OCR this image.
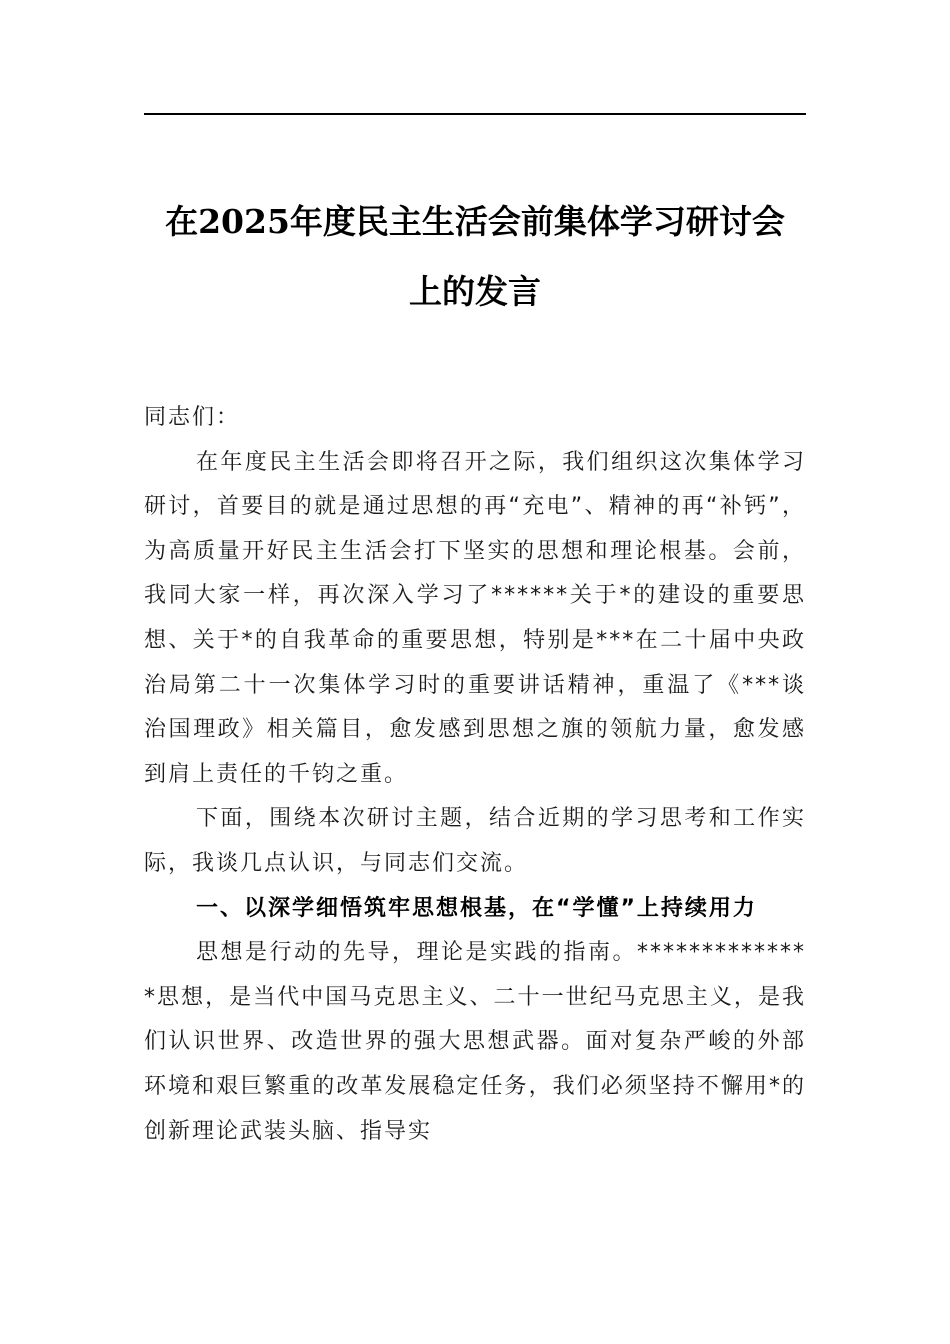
在2025年度民主生活会前集体学习研讨会
上的发言

同志们：

在年度民主生活会即将召开之际，我们组织这次集体学习研讨，首要目的就是通过思想的再“充电”、精神的再“补钙”，为高质量开好民主生活会打下坚实的思想和理论根基。会前，我同大家一样，再次深入学习了******关于*的建设的重要思想、关于*的自我革命的重要思想，特别是***在二十届中央政治局第二十一次集体学习时的重要讲话精神，重温了《***谈治国理政》相关篇目，愈发感到思想之旗的领航力量，愈发感到肩上责任的千钧之重。

下面，围绕本次研讨主题，结合近期的学习思考和工作实际，我谈几点认识，与同志们交流。

一、以深学细悟筑牢思想根基，在“学懂”上持续用力

思想是行动的先导，理论是实践的指南。**************思想，是当代中国马克思主义、二十一世纪马克思主义，是我们认识世界、改造世界的强大思想武器。面对复杂严峻的外部环境和艰巨繁重的改革发展稳定任务，我们必须坚持不懈用*的创新理论武装头脑、指导实
